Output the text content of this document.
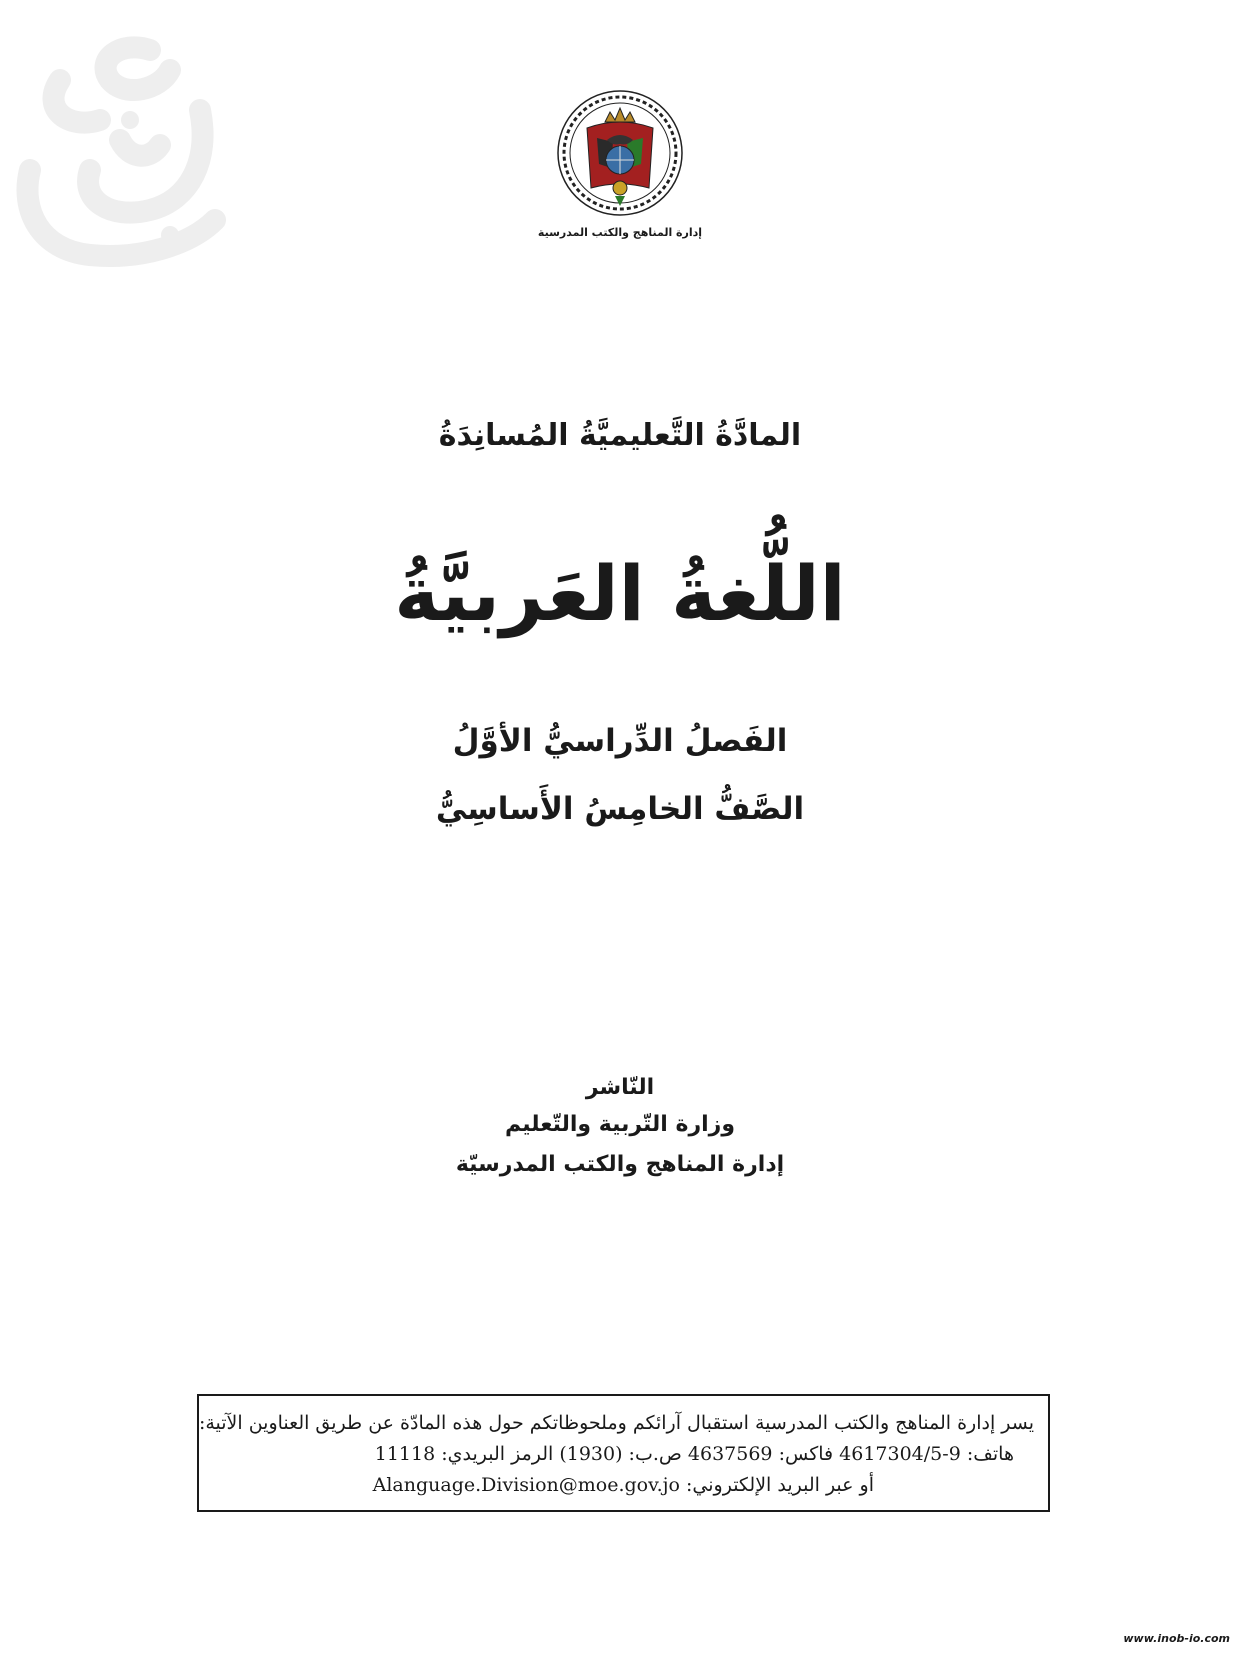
إدارة المناهج والكتب المدرسية
المادَّةُ التَّعليميَّةُ المُسانِدَةُ
اللُّغةُ العَربيَّةُ
الفَصلُ الدِّراسيُّ الأوَّلُ
الصَّفُّ الخامِسُ الأَساسِيُّ
النّاشر
وزارة التّربية والتّعليم
إدارة المناهج والكتب المدرسيّة
يسر إدارة المناهج والكتب المدرسية استقبال آرائكم وملحوظاتكم حول هذه المادّة عن طريق العناوين الآتية:
هاتف: 9-4617304/5 فاكس: 4637569 ص.ب: (1930) الرمز البريدي: 11118
أو عبر البريد الإلكتروني: Alanguage.Division@moe.gov.jo
www.inob-io.com
